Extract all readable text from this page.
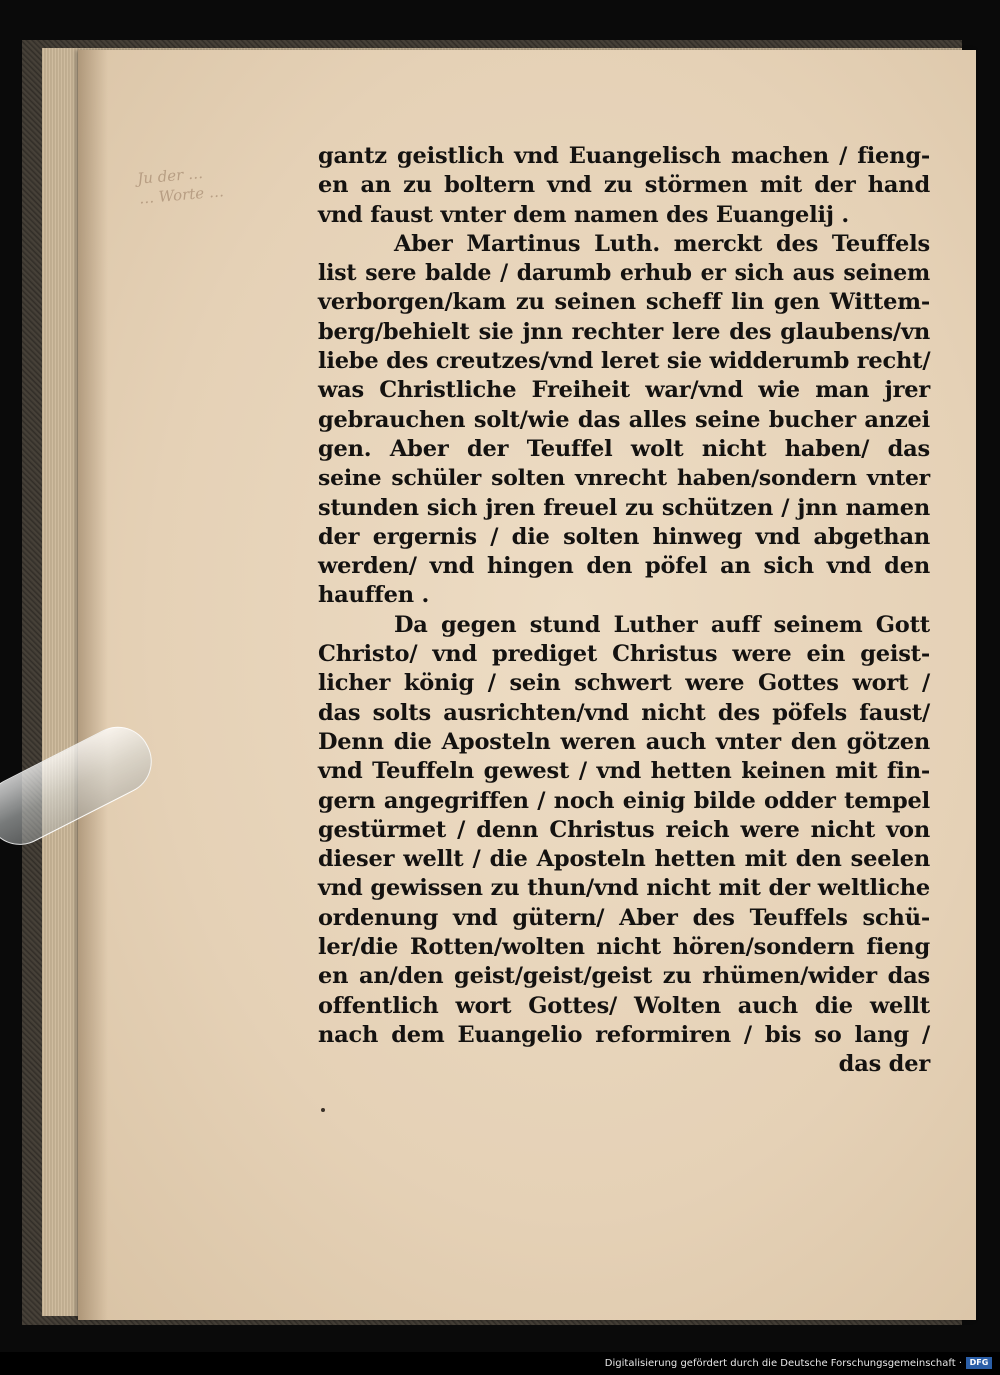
Ju der …
… Worte …
gantz geistlich vnd Euangelisch machen / fieng-
en an zu boltern vnd zu störmen mit der hand
vnd faust vnter dem namen des Euangelij .
Aber Martinus Luth. merckt des Teuffels
list sere balde / darumb erhub er sich aus seinem
verborgen/kam zu seinen scheff lin gen Wittem-
berg/behielt sie jnn rechter lere des glaubens/vn
liebe des creutzes/vnd leret sie widderumb recht/
was Christliche Freiheit war/vnd wie man jrer
gebrauchen solt/wie das alles seine bucher anzei
gen. Aber der Teuffel wolt nicht haben/ das
seine schüler solten vnrecht haben/sondern vnter
stunden sich jren freuel zu schützen / jnn namen
der ergernis / die solten hinweg vnd abgethan
werden/ vnd hingen den pöfel an sich vnd den
hauffen .
Da gegen stund Luther auff seinem Gott
Christo/ vnd prediget Christus were ein geist-
licher könig / sein schwert were Gottes wort /
das solts ausrichten/vnd nicht des pöfels faust/
Denn die Aposteln weren auch vnter den götzen
vnd Teuffeln gewest / vnd hetten keinen mit fin-
gern angegriffen / noch einig bilde odder tempel
gestürmet / denn Christus reich were nicht von
dieser wellt / die Aposteln hetten mit den seelen
vnd gewissen zu thun/vnd nicht mit der weltliche
ordenung vnd gütern/ Aber des Teuffels schü-
ler/die Rotten/wolten nicht hören/sondern fieng
en an/den geist/geist/geist zu rhümen/wider das
offentlich wort Gottes/ Wolten auch die wellt
nach dem Euangelio reformiren / bis so lang /
das der
Digitalisierung gefördert durch die Deutsche Forschungsgemeinschaft · DFG
